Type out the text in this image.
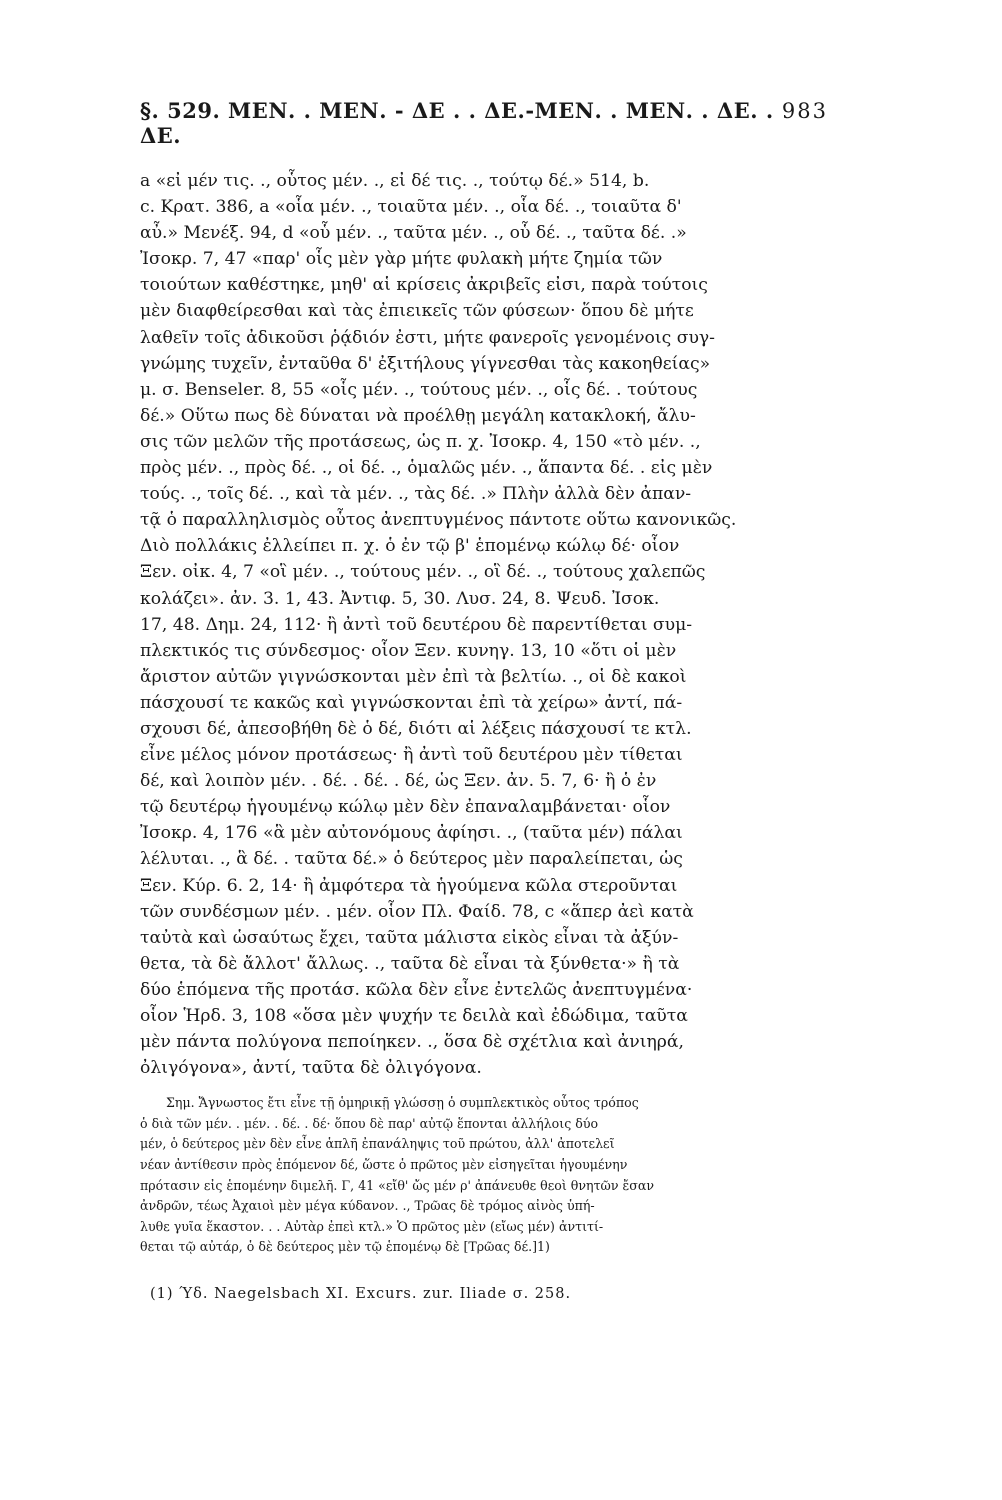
§. 529. ΜΕΝ. . ΜΕΝ. - ΔΕ . . ΔΕ.-ΜΕΝ. . ΜΕΝ. . ΔΕ. . ΔΕ.
983
a «εἰ μέν τις. ., οὗτος μέν. ., εἰ δέ τις. ., τούτῳ δέ.» 514, b.
c. Κρατ. 386, a «οἷα μέν. ., τοιαῦτα μέν. ., οἷα δέ. ., τοιαῦτα δ'
αὖ.» Μενέξ. 94, d «οὗ μέν. ., ταῦτα μέν. ., οὗ δέ. ., ταῦτα δέ. .»
Ἰσοκρ. 7, 47 «παρ' οἷς μὲν γὰρ μήτε φυλακὴ μήτε ζημία τῶν
τοιούτων καθέστηκε, μηθ' αἱ κρίσεις ἀκριβεῖς εἰσι, παρὰ τούτοις
μὲν διαφθείρεσθαι καὶ τὰς ἐπιεικεῖς τῶν φύσεων· ὅπου δὲ μήτε
λαθεῖν τοῖς ἀδικοῦσι ῥᾴδιόν ἐστι, μήτε φανεροῖς γενομένοις συγ-
γνώμης τυχεῖν, ἐνταῦθα δ' ἐξιτήλους γίγνεσθαι τὰς κακοηθείας»
μ. σ. Benseler. 8, 55 «οἷς μέν. ., τούτους μέν. ., οἷς δέ. . τούτους
δέ.» Οὕτω πως δὲ δύναται νὰ προέλθῃ μεγάλη κατακλοκή, ἄλυ-
σις τῶν μελῶν τῆς προτάσεως, ὡς π. χ. Ἰσοκρ. 4, 150 «τὸ μέν. .,
πρὸς μέν. ., πρὸς δέ. ., οἱ δέ. ., ὁμαλῶς μέν. ., ἅπαντα δέ. . εἰς μὲν
τούς. ., τοῖς δέ. ., καὶ τὰ μέν. ., τὰς δέ. .» Πλὴν ἀλλὰ δὲν ἀπαν-
τᾷ ὁ παραλληλισμὸς οὗτος ἀνεπτυγμένος πάντοτε οὕτω κανονικῶς.
Διὸ πολλάκις ἐλλείπει π. χ. ὁ ἐν τῷ β' ἑπομένῳ κώλῳ δέ· οἷον
Ξεν. οἰκ. 4, 7 «οἳ μέν. ., τούτους μέν. ., οἳ δέ. ., τούτους χαλεπῶς
κολάζει». ἀν. 3. 1, 43. Ἀντιφ. 5, 30. Λυσ. 24, 8. Ψευδ. Ἰσοκ.
17, 48. Δημ. 24, 112· ἢ ἀντὶ τοῦ δευτέρου δὲ παρεντίθεται συμ-
πλεκτικός τις σύνδεσμος· οἷον Ξεν. κυνηγ. 13, 10 «ὅτι οἱ μὲν
ἄριστον αὐτῶν γιγνώσκονται μὲν ἐπὶ τὰ βελτίω. ., οἱ δὲ κακοὶ
πάσχουσί τε κακῶς καὶ γιγνώσκονται ἐπὶ τὰ χείρω» ἀντί, πά-
σχουσι δέ, ἀπεσοβήθη δὲ ὁ δέ, διότι αἱ λέξεις πάσχουσί τε κτλ.
εἶνε μέλος μόνον προτάσεως· ἢ ἀντὶ τοῦ δευτέρου μὲν τίθεται
δέ, καὶ λοιπὸν μέν. . δέ. . δέ. . δέ, ὡς Ξεν. ἀν. 5. 7, 6· ἢ ὁ ἐν
τῷ δευτέρῳ ἡγουμένῳ κώλῳ μὲν δὲν ἐπαναλαμβάνεται· οἷον
Ἰσοκρ. 4, 176 «ἃ μὲν αὐτονόμους ἀφίησι. ., (ταῦτα μέν) πάλαι
λέλυται. ., ἃ δέ. . ταῦτα δέ.» ὁ δεύτερος μὲν παραλείπεται, ὡς
Ξεν. Κύρ. 6. 2, 14· ἢ ἀμφότερα τὰ ἡγούμενα κῶλα στεροῦνται
τῶν συνδέσμων μέν. . μέν. οἷον Πλ. Φαίδ. 78, c «ἅπερ ἀεὶ κατὰ
ταὐτὰ καὶ ὡσαύτως ἔχει, ταῦτα μάλιστα εἰκὸς εἶναι τὰ ἀξύν-
θετα, τὰ δὲ ἄλλοτ' ἄλλως. ., ταῦτα δὲ εἶναι τὰ ξύνθετα·» ἢ τὰ
δύο ἑπόμενα τῆς προτάσ. κῶλα δὲν εἶνε ἐντελῶς ἀνεπτυγμένα·
οἷον Ἡρδ. 3, 108 «ὅσα μὲν ψυχήν τε δειλὰ καὶ ἐδώδιμα, ταῦτα
μὲν πάντα πολύγονα πεποίηκεν. ., ὅσα δὲ σχέτλια καὶ ἀνιηρά,
ὀλιγόγονα», ἀντί, ταῦτα δὲ ὀλιγόγονα.
Σημ. Ἄγνωστος ἔτι εἶνε τῇ ὁμηρικῇ γλώσσῃ ὁ συμπλεκτικὸς οὗτος τρόπος
ὁ διὰ τῶν μέν. . μέν. . δέ. . δέ· ὅπου δὲ παρ' αὐτῷ ἕπονται ἀλλήλοις δύο
μέν, ὁ δεύτερος μὲν δὲν εἶνε ἁπλῆ ἐπανάληψις τοῦ πρώτου, ἀλλ' ἀποτελεῖ
νέαν ἀντίθεσιν πρὸς ἑπόμενον δέ, ὥστε ὁ πρῶτος μὲν εἰσηγεῖται ἡγουμένην
πρότασιν εἰς ἑπομένην διμελῆ. Γ, 41 «εἴθ' ὤς μέν ρ' ἀπάνευθε θεοὶ θνητῶν ἔσαν
ἀνδρῶν, τέως Ἀχαιοὶ μὲν μέγα κύδανον. ., Τρῶας δὲ τρόμος αἰνὸς ὑπή-
λυθε γυῖα ἕκαστον. . . Αὐτὰρ ἐπεὶ κτλ.» Ὁ πρῶτος μὲν (εἴως μέν) ἀντιτί-
θεται τῷ αὐτάρ, ὁ δὲ δεύτερος μὲν τῷ ἑπομένῳ δὲ [Τρῶας δέ.]1)
(1) Ύδ. Naegelsbach XI. Excurs. zur. Iliade σ. 258.
